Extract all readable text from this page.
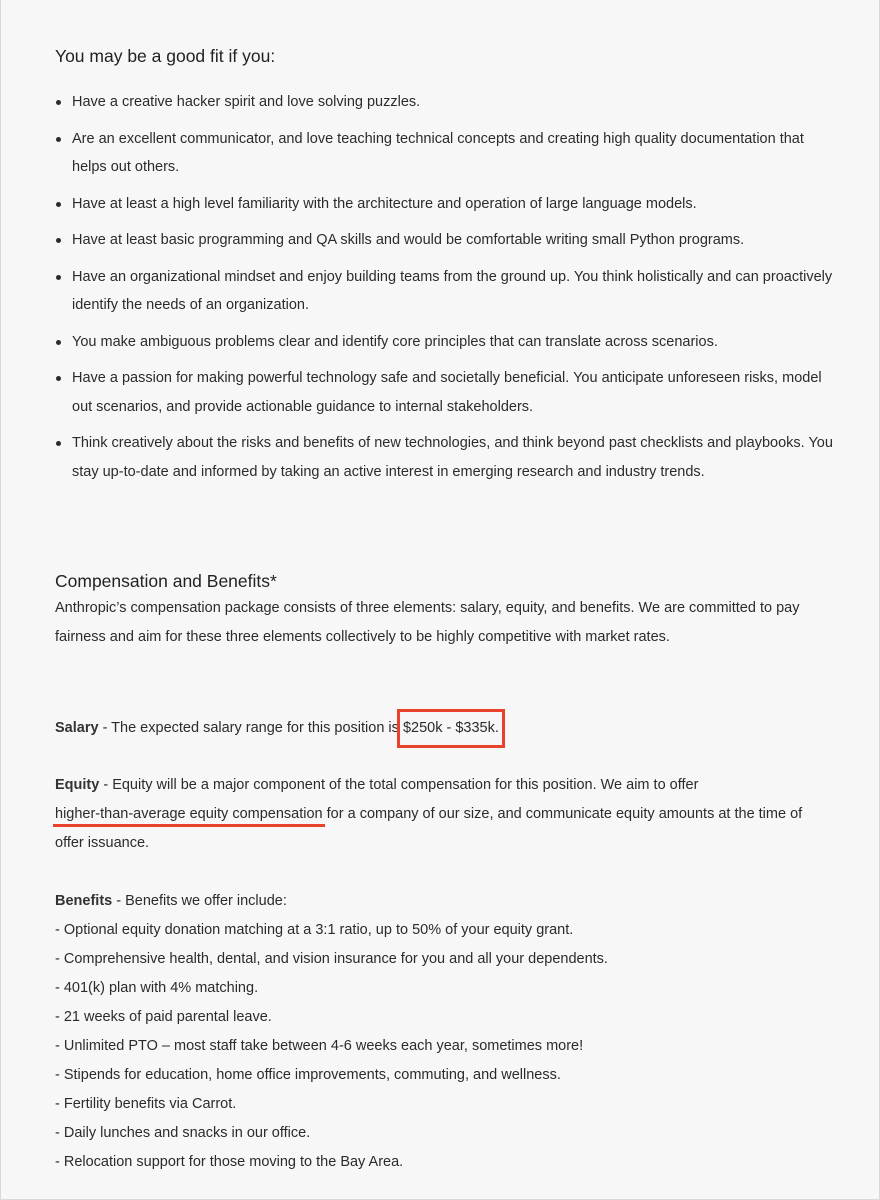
You may be a good fit if you:
Have a creative hacker spirit and love solving puzzles.
Are an excellent communicator, and love teaching technical concepts and creating high quality documentation that helps out others.
Have at least a high level familiarity with the architecture and operation of large language models.
Have at least basic programming and QA skills and would be comfortable writing small Python programs.
Have an organizational mindset and enjoy building teams from the ground up. You think holistically and can proactively identify the needs of an organization.
You make ambiguous problems clear and identify core principles that can translate across scenarios.
Have a passion for making powerful technology safe and societally beneficial. You anticipate unforeseen risks, model out scenarios, and provide actionable guidance to internal stakeholders.
Think creatively about the risks and benefits of new technologies, and think beyond past checklists and playbooks. You stay up-to-date and informed by taking an active interest in emerging research and industry trends.
Compensation and Benefits*

Anthropic’s compensation package consists of three elements: salary, equity, and benefits. We are committed to pay fairness and aim for these three elements collectively to be highly competitive with market rates.

Salary - The expected salary range for this position is $250k - $335k.

Equity - Equity will be a major component of the total compensation for this position. We aim to offer higher-than-average equity compensation for a company of our size, and communicate equity amounts at the time of offer issuance.

Benefits - Benefits we offer include:

- Optional equity donation matching at a 3:1 ratio, up to 50% of your equity grant.
- Comprehensive health, dental, and vision insurance for you and all your dependents.
- 401(k) plan with 4% matching.
- 21 weeks of paid parental leave.
- Unlimited PTO – most staff take between 4-6 weeks each year, sometimes more!
- Stipends for education, home office improvements, commuting, and wellness.
- Fertility benefits via Carrot.
- Daily lunches and snacks in our office.
- Relocation support for those moving to the Bay Area.
